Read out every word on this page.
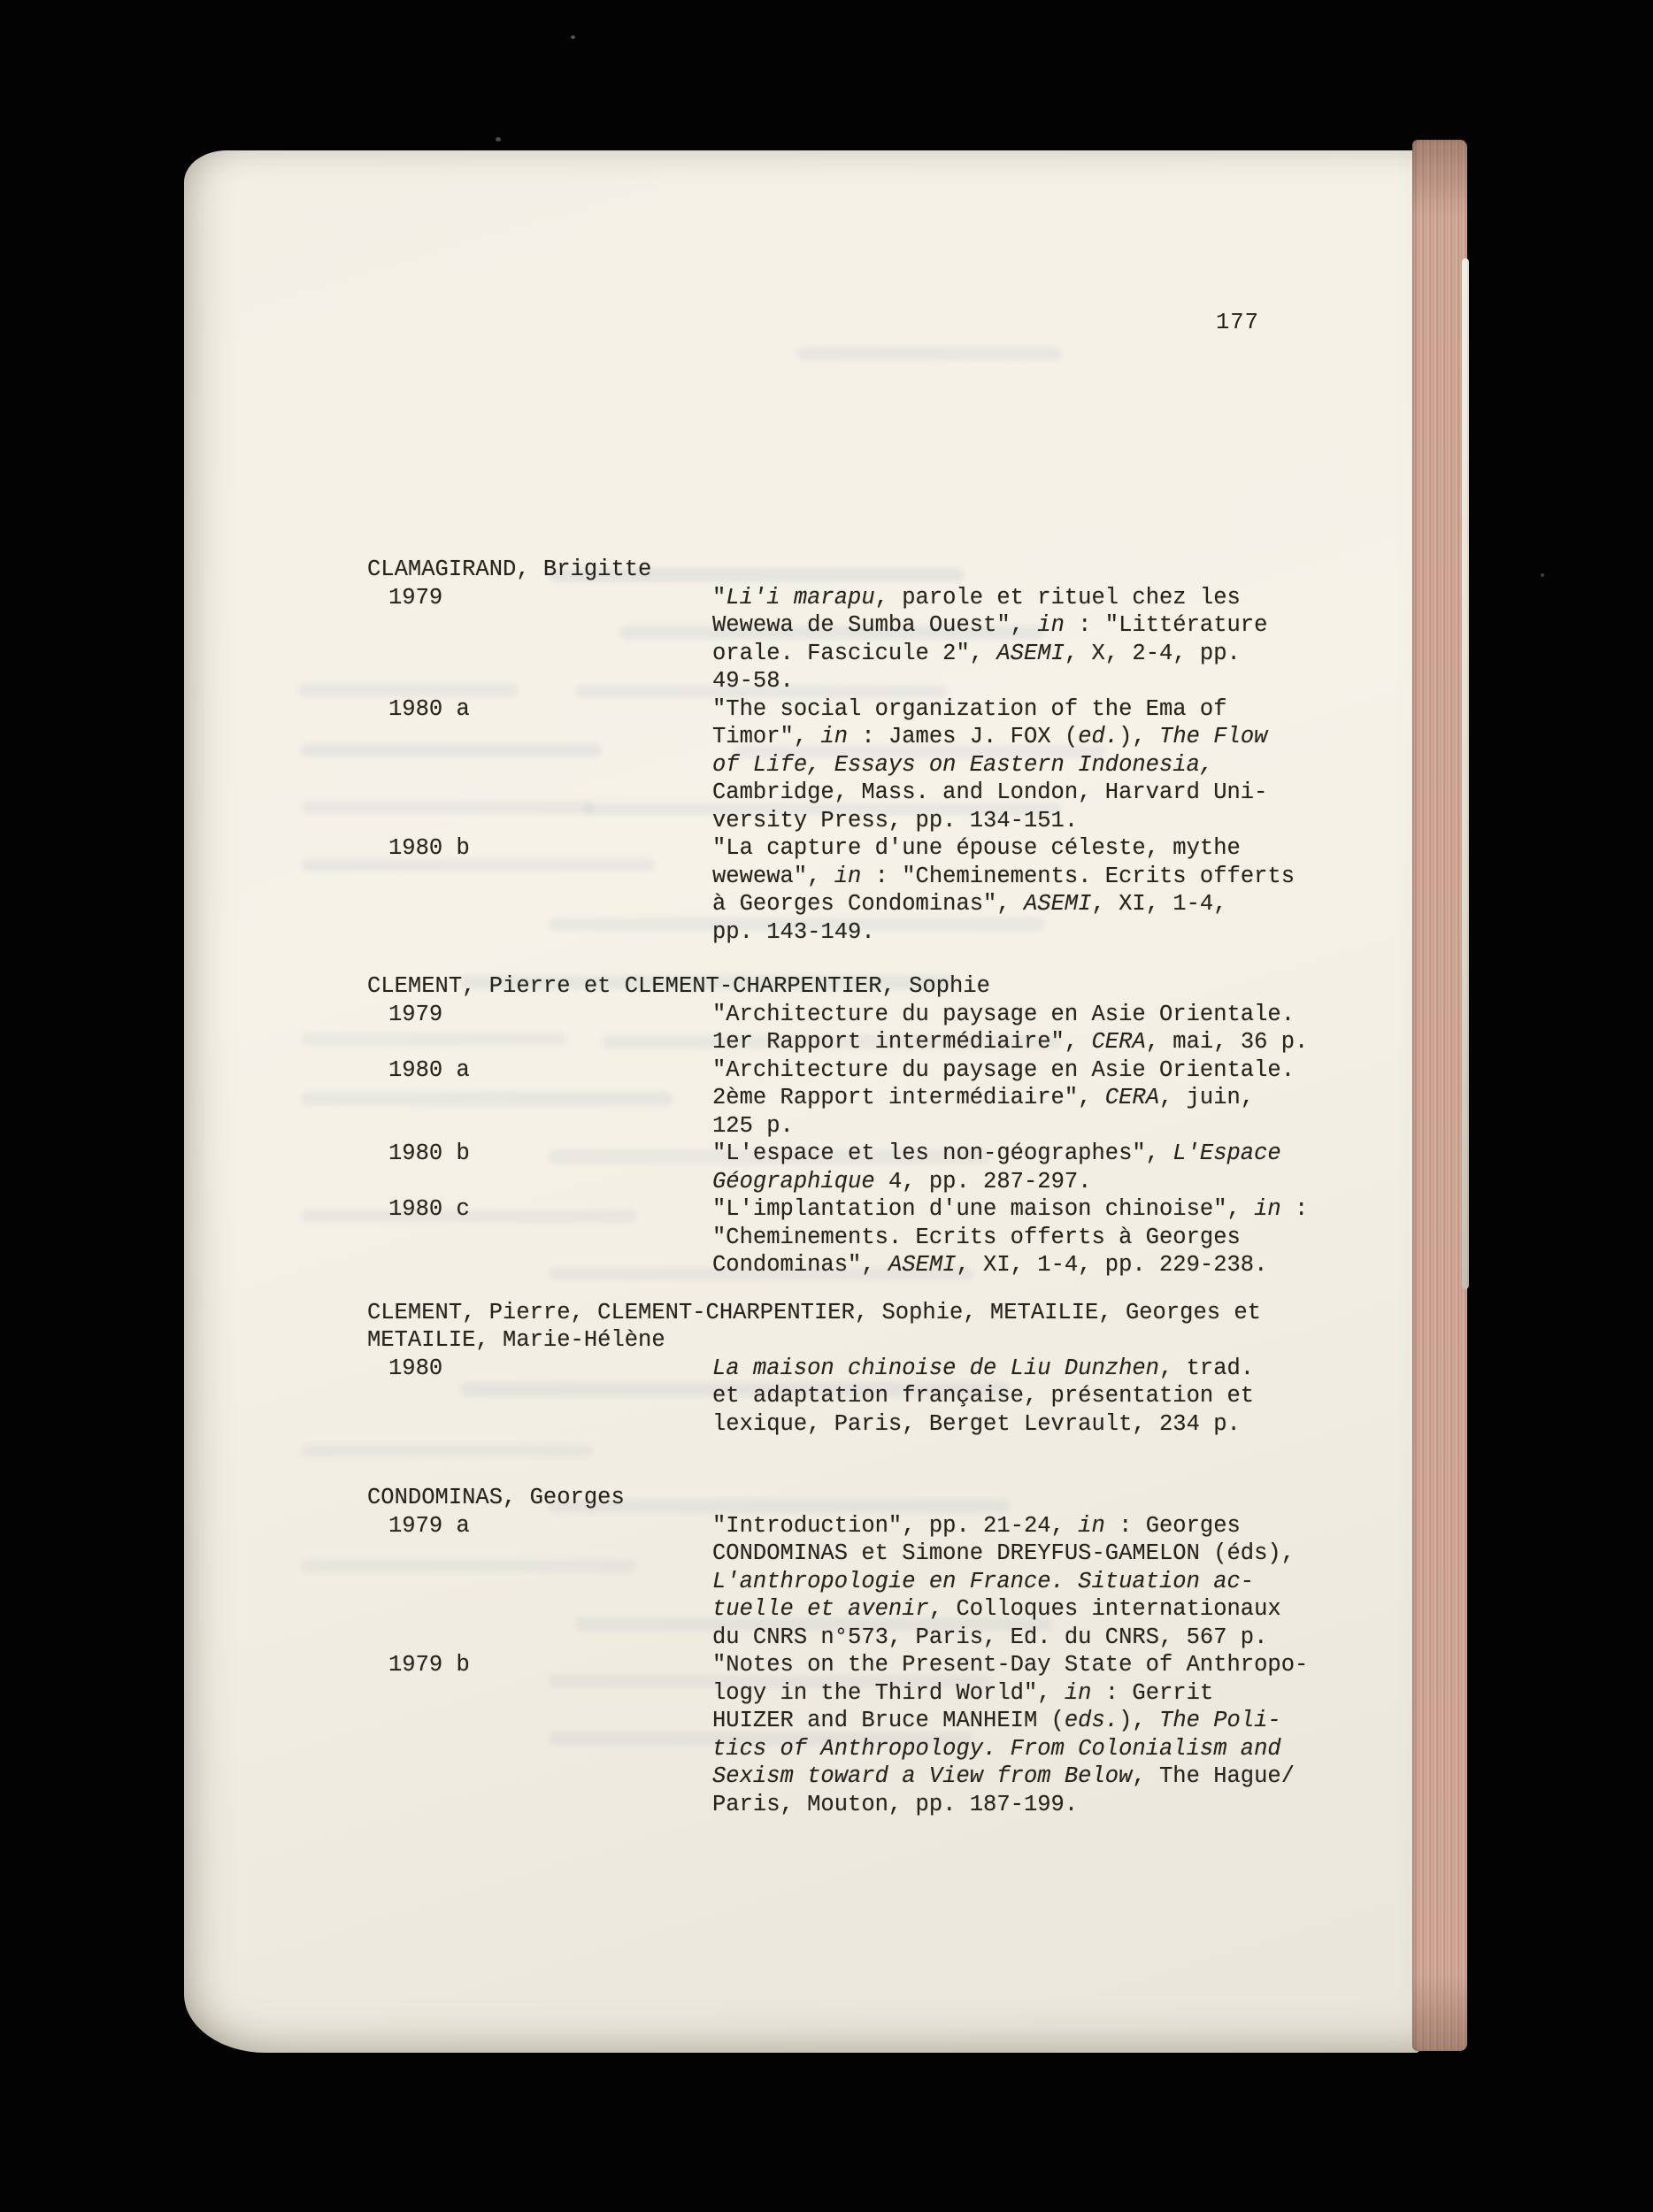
177
CLAMAGIRAND, Brigitte
1979	"Li'i marapu, parole et rituel chez les
Wewewa de Sumba Ouest", in : "Littérature
orale. Fascicule 2", ASEMI, X, 2-4, pp.
49-58.
1980 a	"The social organization of the Ema of
Timor", in : James J. FOX (ed.), The Flow
of Life, Essays on Eastern Indonesia,
Cambridge, Mass. and London, Harvard Uni-
versity Press, pp. 134-151.
1980 b	"La capture d'une épouse céleste, mythe
wewewa", in : "Cheminements. Ecrits offerts
à Georges Condominas", ASEMI, XI, 1-4,
pp. 143-149.
CLEMENT, Pierre et CLEMENT-CHARPENTIER, Sophie
1979	"Architecture du paysage en Asie Orientale.
1er Rapport intermédiaire", CERA, mai, 36 p.
1980 a	"Architecture du paysage en Asie Orientale.
2ème Rapport intermédiaire", CERA, juin,
125 p.
1980 b	"L'espace et les non-géographes", L'Espace
Géographique 4, pp. 287-297.
1980 c	"L'implantation d'une maison chinoise", in :
"Cheminements. Ecrits offerts à Georges
Condominas", ASEMI, XI, 1-4, pp. 229-238.
CLEMENT, Pierre, CLEMENT-CHARPENTIER, Sophie, METAILIE, Georges et
METAILIE, Marie-Hélène
1980	La maison chinoise de Liu Dunzhen, trad.
et adaptation française, présentation et
lexique, Paris, Berget Levrault, 234 p.
CONDOMINAS, Georges
1979 a	"Introduction", pp. 21-24, in : Georges
CONDOMINAS et Simone DREYFUS-GAMELON (éds),
L'anthropologie en France. Situation ac-
tuelle et avenir, Colloques internationaux
du CNRS n°573, Paris, Ed. du CNRS, 567 p.
1979 b	"Notes on the Present-Day State of Anthropo-
logy in the Third World", in : Gerrit
HUIZER and Bruce MANHEIM (eds.), The Poli-
tics of Anthropology. From Colonialism and
Sexism toward a View from Below, The Hague/
Paris, Mouton, pp. 187-199.
